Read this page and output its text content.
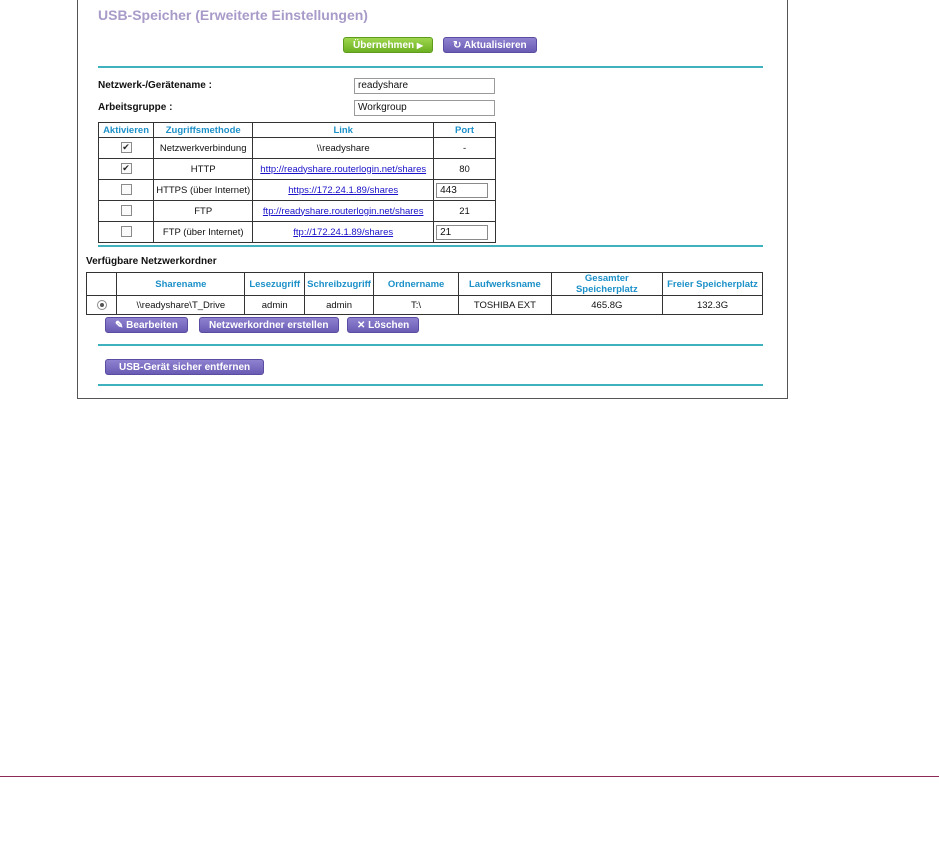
USB-Speicher (Erweiterte Einstellungen)
Übernehmen ▶	↻ Aktualisieren
Netzwerk-/Gerätename :	readyshare
Arbeitsgruppe :	Workgroup
Aktivieren	Zugriffsmethode	Link	Port
✔	Netzwerkverbindung	\\readyshare	-
✔	HTTP	http://readyshare.routerlogin.net/shares	80
	HTTPS (über Internet)	https://172.24.1.89/shares	443

	FTP	ftp://readyshare.routerlogin.net/shares	21
	FTP (über Internet)	ftp://172.24.1.89/shares	21
Verfügbare Netzwerkordner
	Sharename	Lesezugriff	Schreibzugriff	Ordnername	Laufwerksname	Gesamter Speicherplatz	Freier Speicherplatz
	\\readyshare\T_Drive	admin	admin	T:\	TOSHIBA EXT	465.8G	132.3G
✎ Bearbeiten	Netzwerkordner erstellen	✕ Löschen
USB-Gerät sicher entfernen
